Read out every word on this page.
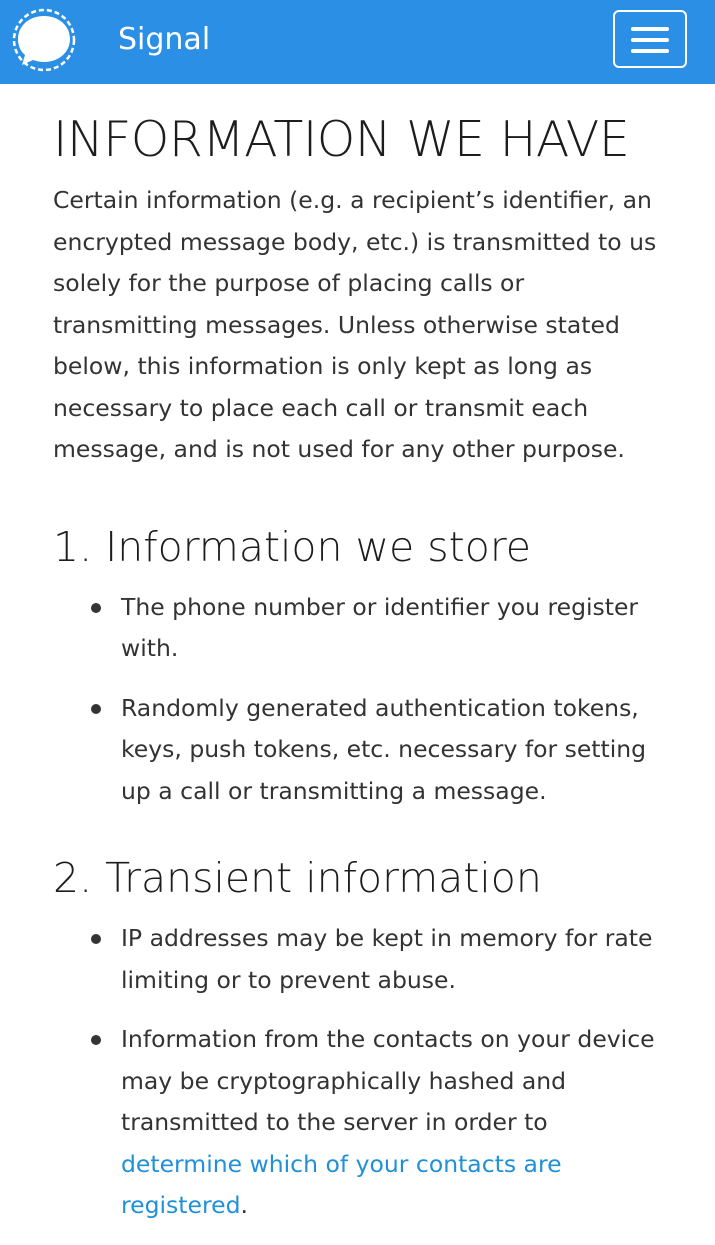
Signal
INFORMATION WE HAVE

Certain information (e.g. a recipient’s identifier, an encrypted message body, etc.) is transmitted to us solely for the purpose of placing calls or transmitting messages. Unless otherwise stated below, this information is only kept as long as necessary to place each call or transmit each message, and is not used for any other purpose.

1. Information we store
The phone number or identifier you register with.
Randomly generated authentication tokens, keys, push tokens, etc. necessary for setting up a call or transmitting a message.
2. Transient information
IP addresses may be kept in memory for rate limiting or to prevent abuse.
Information from the contacts on your device may be cryptographically hashed and transmitted to the server in order to determine which of your contacts are registered.
